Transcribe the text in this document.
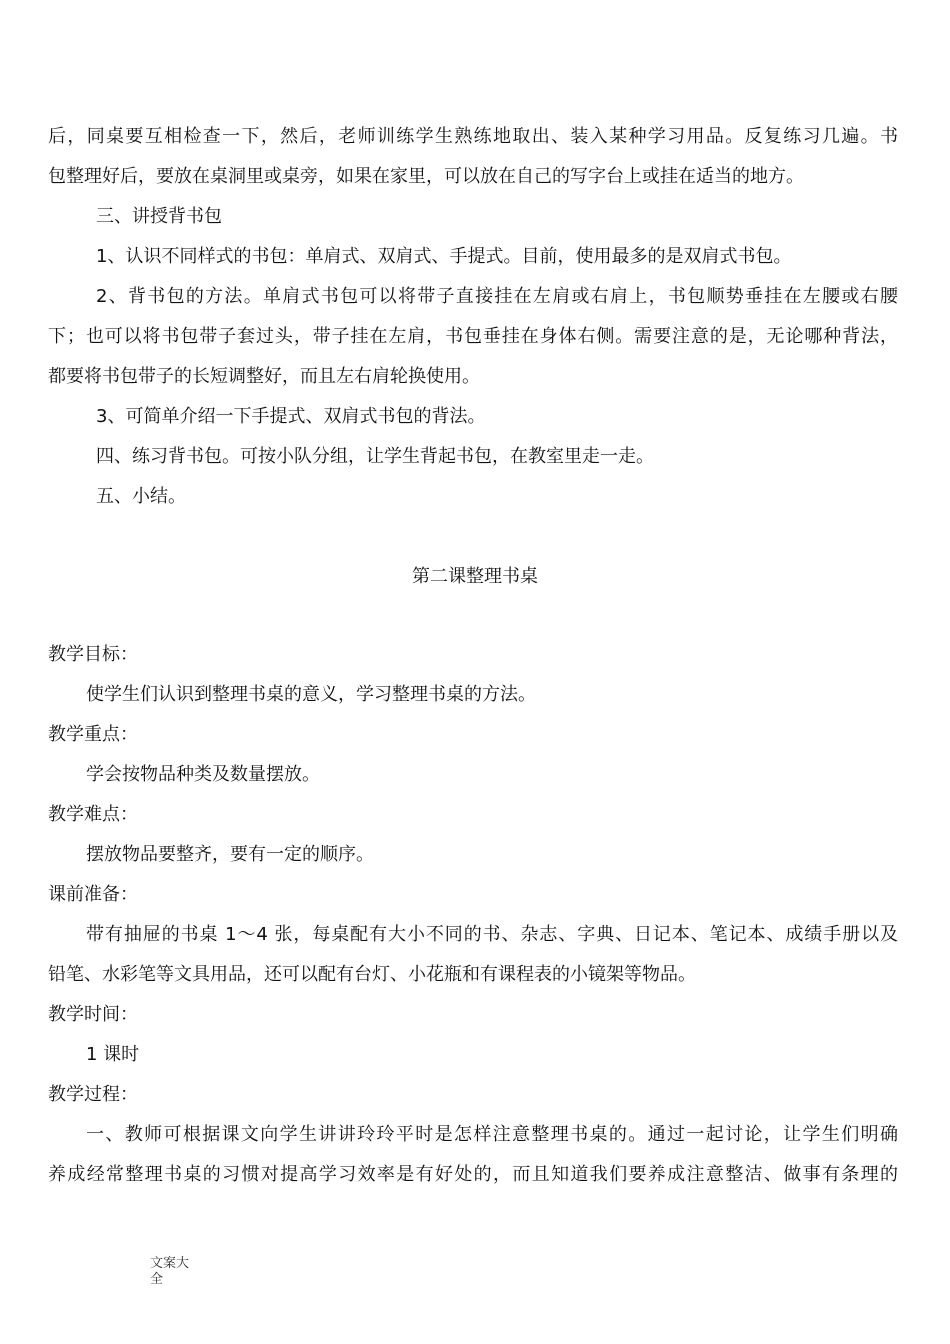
后，同桌要互相检查一下，然后，老师训练学生熟练地取出、装入某种学习用品。反复练习几遍。书
包整理好后，要放在桌洞里或桌旁，如果在家里，可以放在自己的写字台上或挂在适当的地方。
三、讲授背书包
1、认识不同样式的书包：单肩式、双肩式、手提式。目前，使用最多的是双肩式书包。
2、背书包的方法。单肩式书包可以将带子直接挂在左肩或右肩上，书包顺势垂挂在左腰或右腰
下；也可以将书包带子套过头，带子挂在左肩，书包垂挂在身体右侧。需要注意的是，无论哪种背法，
都要将书包带子的长短调整好，而且左右肩轮换使用。
3、可简单介绍一下手提式、双肩式书包的背法。
四、练习背书包。可按小队分组，让学生背起书包，在教室里走一走。
五、小结。
第二课整理书桌
教学目标：
使学生们认识到整理书桌的意义，学习整理书桌的方法。
教学重点：
学会按物品种类及数量摆放。
教学难点：
摆放物品要整齐，要有一定的顺序。
课前准备：
带有抽屉的书桌 1～4 张，每桌配有大小不同的书、杂志、字典、日记本、笔记本、成绩手册以及
铅笔、水彩笔等文具用品，还可以配有台灯、小花瓶和有课程表的小镜架等物品。
教学时间：
1 课时
教学过程：
一、教师可根据课文向学生讲讲玲玲平时是怎样注意整理书桌的。通过一起讨论，让学生们明确
养成经常整理书桌的习惯对提高学习效率是有好处的，而且知道我们要养成注意整洁、做事有条理的
文案大全
